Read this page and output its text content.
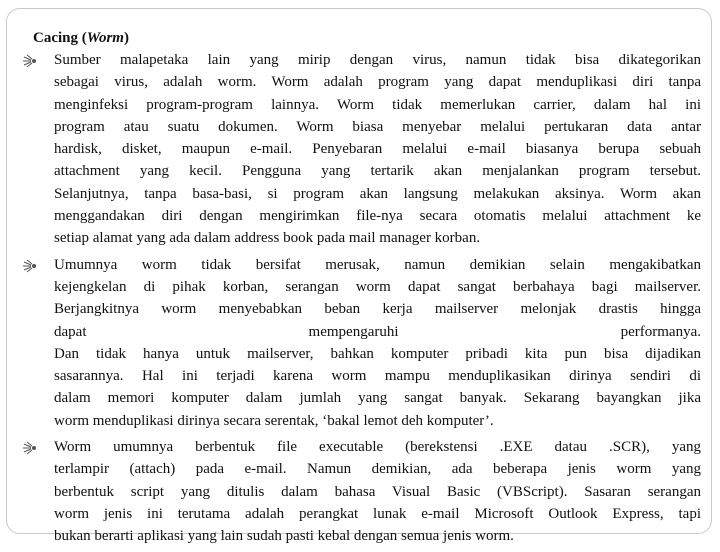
Cacing (Worm)
Sumber malapetaka lain yang mirip dengan virus, namun tidak bisa dikategorikan
sebagai virus, adalah worm. Worm adalah program yang dapat menduplikasi diri tanpa
menginfeksi program-program lainnya. Worm tidak memerlukan carrier, dalam hal ini
program atau suatu dokumen. Worm biasa menyebar melalui pertukaran data antar
hardisk, disket, maupun e-mail. Penyebaran melalui e-mail biasanya berupa sebuah
attachment yang kecil. Pengguna yang tertarik akan menjalankan program tersebut.
Selanjutnya, tanpa basa-basi, si program akan langsung melakukan aksinya. Worm akan
menggandakan diri dengan mengirimkan file-nya secara otomatis melalui attachment ke
setiap alamat yang ada dalam address book pada mail manager korban.
Umumnya worm tidak bersifat merusak, namun demikian selain mengakibatkan
kejengkelan di pihak korban, serangan worm dapat sangat berbahaya bagi mailserver.
Berjangkitnya worm menyebabkan beban kerja mailserver melonjak drastis hingga
dapat mempengaruhi performanya.
Dan tidak hanya untuk mailserver, bahkan komputer pribadi kita pun bisa dijadikan
sasarannya. Hal ini terjadi karena worm mampu menduplikasikan dirinya sendiri di
dalam memori komputer dalam jumlah yang sangat banyak. Sekarang bayangkan jika
worm menduplikasi dirinya secara serentak, ‘bakal lemot deh komputer’.
Worm umumnya berbentuk file executable (berekstensi .EXE datau .SCR), yang
terlampir (attach) pada e-mail. Namun demikian, ada beberapa jenis worm yang
berbentuk script yang ditulis dalam bahasa Visual Basic (VBScript). Sasaran serangan
worm jenis ini terutama adalah perangkat lunak e-mail Microsoft Outlook Express, tapi
bukan berarti aplikasi yang lain sudah pasti kebal dengan semua jenis worm.
